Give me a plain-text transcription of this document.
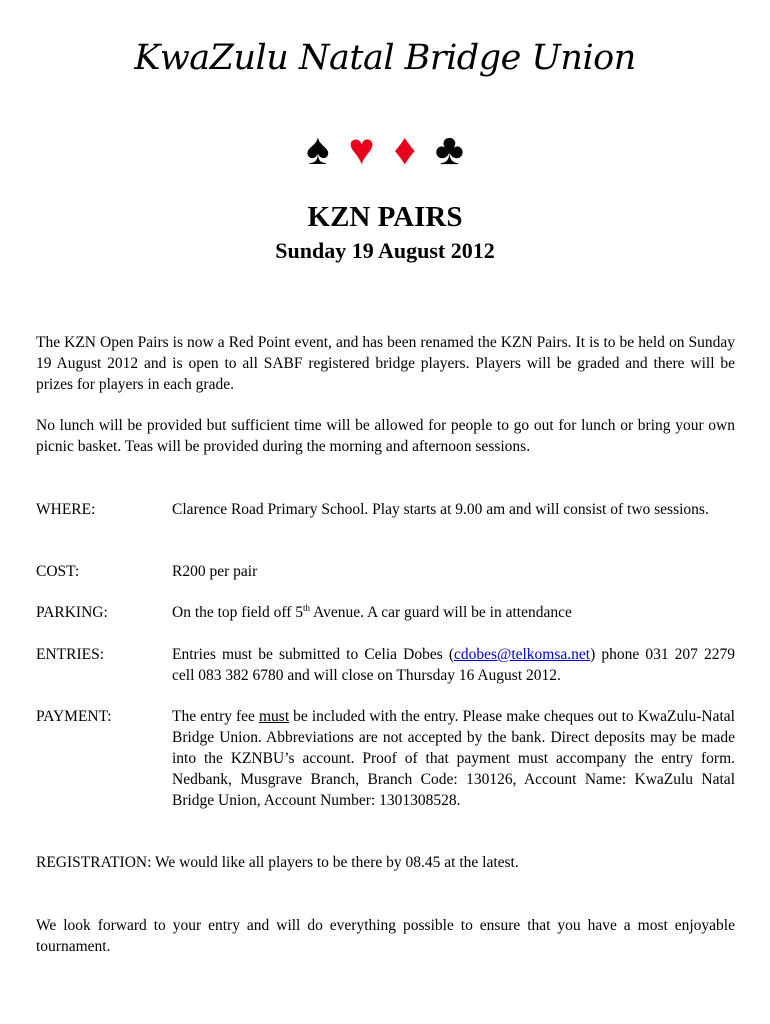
KwaZulu Natal Bridge Union
♠ ♥ ♦ ♣
KZN PAIRS
Sunday 19 August 2012
The KZN Open Pairs is now a Red Point event, and has been renamed the KZN Pairs. It is to be held on Sunday 19 August 2012 and is open to all SABF registered bridge players. Players will be graded and there will be prizes for players in each grade.
No lunch will be provided but sufficient time will be allowed for people to go out for lunch or bring your own picnic basket. Teas will be provided during the morning and afternoon sessions.
WHERE:	Clarence Road Primary School. Play starts at 9.00 am and will consist of two sessions.
COST:	R200 per pair
PARKING:	On the top field off 5th Avenue. A car guard will be in attendance
ENTRIES:	Entries must be submitted to Celia Dobes (cdobes@telkomsa.net) phone 031 207 2279 cell 083 382 6780 and will close on Thursday 16 August 2012.
PAYMENT:	The entry fee must be included with the entry. Please make cheques out to KwaZulu-Natal Bridge Union. Abbreviations are not accepted by the bank. Direct deposits may be made into the KZNBU’s account. Proof of that payment must accompany the entry form. Nedbank, Musgrave Branch, Branch Code: 130126, Account Name: KwaZulu Natal Bridge Union, Account Number: 1301308528.
REGISTRATION: We would like all players to be there by 08.45 at the latest.
We look forward to your entry and will do everything possible to ensure that you have a most enjoyable tournament.
